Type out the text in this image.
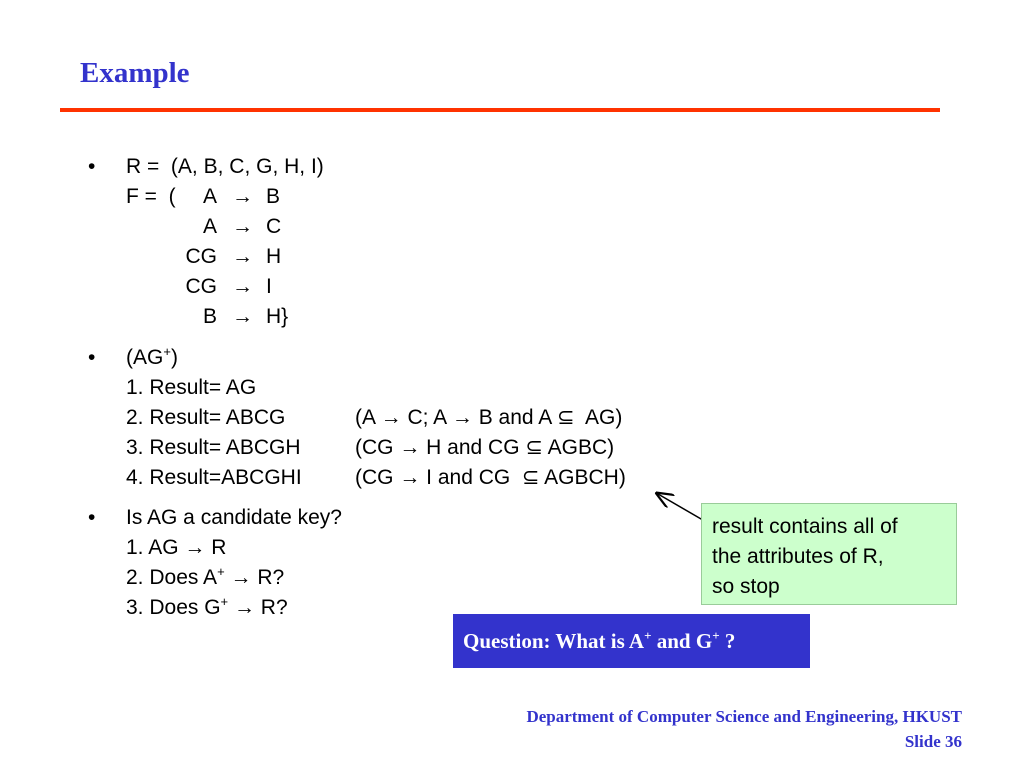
Example
• R =  (A, B, C, G, H, I)
F =  (	A → B
A → C
CG → H
CG → I
B → H}
• (AG+)
1. Result= AG
2. Result= ABCG	(A → C; A → B and A ⊆  AG)
3. Result= ABCGH	(CG → H and CG ⊆ AGBC)
4. Result=ABCGHI	(CG → I and CG  ⊆ AGBCH)
• Is AG a candidate key?
1. AG → R
2. Does A+ → R?
3. Does G+ → R?
result contains all of
the attributes of R,
so stop
Question: What is A+ and G+ ?
Department of Computer Science and Engineering, HKUST
Slide 36
